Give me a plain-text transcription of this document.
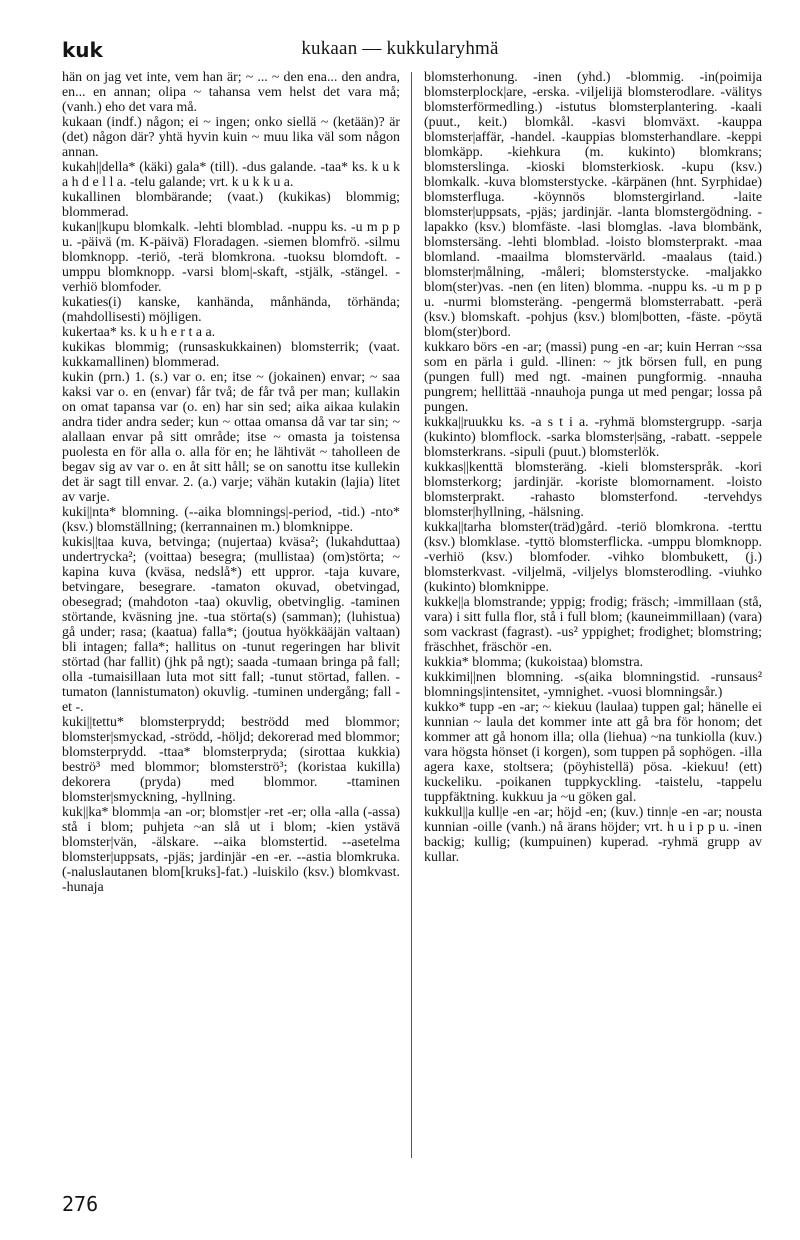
kuk	kukaan — kukkularyhmä

hän on jag vet inte, vem han är; ~ ... ~ den ena... den andra, en... en annan; olipa ~ tahansa vem helst det vara må; (vanh.) eho det vara må.

kukaan (indf.) någon; ei ~ ingen; onko siellä ~ (ketään)? är (det) någon där? yhtä hyvin kuin ~ muu lika väl som någon annan.

kukah||della* (käki) gala* (till). -dus galande. -taa* ks. k u k a h d e l l a. -telu galande; vrt. k u k k u a.

kukallinen blombärande; (vaat.) (kukikas) blommig; blommerad.

kukan||kupu blomkalk. -lehti blomblad. -nuppu ks. -u m p p u. -päivä (m. K-päivä) Floradagen. -siemen blomfrö. -silmu blomknopp. -teriö, -terä blomkrona. -tuoksu blomdoft. -umppu blomknopp. -varsi blom|-skaft, -stjälk, -stängel. -verhiö blomfoder.

kukaties(i) kanske, kanhända, månhända, törhända; (mahdollisesti) möjligen.

kukertaa* ks. k u h e r t a a.

kukikas blommig; (runsaskukkainen) blomsterrik; (vaat. kukkamallinen) blommerad.

kukin (prn.) 1. (s.) var o. en; itse ~ (jokainen) envar; ~ saa kaksi var o. en (envar) får två; de får två per man; kullakin on omat tapansa var (o. en) har sin sed; aika aikaa kulakin andra tider andra seder; kun ~ ottaa omansa då var tar sin; ~ alallaan envar på sitt område; itse ~ omasta ja toistensa puolesta en för alla o. alla för en; he lähtivät ~ taholleen de begav sig av var o. en åt sitt håll; se on sanottu itse kullekin det är sagt till envar. 2. (a.) varje; vähän kutakin (lajia) litet av varje.

kuki||nta* blomning. (--aika blomnings|-period, -tid.) -nto* (ksv.) blomställning; (kerrannainen m.) blomknippe.

kukis||taa kuva, betvinga; (nujertaa) kväsa²; (lukahduttaa) undertrycka²; (voittaa) besegra; (mullistaa) (om)störta; ~ kapina kuva (kväsa, nedslå*) ett uppror. -taja kuvare, betvingare, besegrare. -tamaton okuvad, obetvingad, obesegrad; (mahdoton -taa) okuvlig, obetvinglig. -taminen störtande, kväsning jne. -tua störta(s) (samman); (luhistua) gå under; rasa; (kaatua) falla*; (joutua hyökkääjän valtaan) bli intagen; falla*; hallitus on -tunut regeringen har blivit störtad (har fallit) (jhk på ngt); saada -tumaan bringa på fall; olla -tumaisillaan luta mot sitt fall; -tunut störtad, fallen. -tumaton (lannistumaton) okuvlig. -tuminen undergång; fall -et -.

kuki||tettu* blomsterprydd; beströdd med blommor; blomster|smyckad, -strödd, -höljd; dekorerad med blommor; blomsterprydd. -ttaa* blomsterpryda; (sirottaa kukkia) beströ³ med blommor; blomsterströ³; (koristaa kukilla) dekorera (pryda) med blommor. -ttaminen blomster|smyckning, -hyllning.

kuk||ka* blomm|a -an -or; blomst|er -ret -er; olla -alla (-assa) stå i blom; puhjeta ~an slå ut i blom; -kien ystävä blomster|vän, -älskare. --aika blomstertid. --asetelma blomster|uppsats, -pjäs; jardinjär -en -er. --astia blomkruka. (-naluslautanen blom[kruks]-fat.) -luiskilo (ksv.) blomkvast. -hunaja

blomsterhonung. -inen (yhd.) -blommig. -in(poimija blomsterplock|are, -erska. -viljelijä blomsterodlare. -välitys blomsterförmedling.) -istutus blomsterplantering. -kaali (puut., keit.) blomkål. -kasvi blomväxt. -kauppa blomster|affär, -handel. -kauppias blomsterhandlare. -keppi blomkäpp. -kiehkura (m. kukinto) blomkrans; blomsterslinga. -kioski blomsterkiosk. -kupu (ksv.) blomkalk. -kuva blomsterstycke. -kärpänen (hnt. Syrphidae) blomsterfluga. -köynnös blomstergirland. -laite blomster|uppsats, -pjäs; jardinjär. -lanta blomstergödning. -lapakko (ksv.) blomfäste. -lasi blomglas. -lava blombänk, blomstersäng. -lehti blomblad. -loisto blomsterprakt. -maa blomland. -maailma blomstervärld. -maalaus (taid.) blomster|målning, -måleri; blomsterstycke. -maljakko blom(ster)vas. -nen (en liten) blomma. -nuppu ks. -u m p p u. -nurmi blomsteräng. -pengermä blomsterrabatt. -perä (ksv.) blomskaft. -pohjus (ksv.) blom|botten, -fäste. -pöytä blom(ster)bord.

kukkaro börs -en -ar; (massi) pung -en -ar; kuin Herran ~ssa som en pärla i guld. -llinen: ~ jtk börsen full, en pung (pungen full) med ngt. -mainen pungformig. -nnauha pungrem; hellittää -nnauhoja punga ut med pengar; lossa på pungen.

kukka||ruukku ks. -a s t i a. -ryhmä blomstergrupp. -sarja (kukinto) blomflock. -sarka blomster|säng, -rabatt. -seppele blomsterkrans. -sipuli (puut.) blomsterlök.

kukkas||kenttä blomsteräng. -kieli blomsterspråk. -kori blomsterkorg; jardinjär. -koriste blomornament. -loisto blomsterprakt. -rahasto blomsterfond. -tervehdys blomster|hyllning, -hälsning.

kukka||tarha blomster(träd)gård. -teriö blomkrona. -terttu (ksv.) blomklase. -tyttö blomsterflicka. -umppu blomknopp. -verhiö (ksv.) blomfoder. -vihko blombukett, (j.) blomsterkvast. -viljelmä, -viljelys blomsterodling. -viuhko (kukinto) blomknippe.

kukke||a blomstrande; yppig; frodig; fräsch; -immillaan (stå, vara) i sitt fulla flor, stå i full blom; (kauneimmillaan) (vara) som vackrast (fagrast). -us² yppighet; frodighet; blomstring; fräschhet, fräschör -en.

kukkia* blomma; (kukoistaa) blomstra.

kukkimi||nen blomning. -s(aika blomningstid. -runsaus² blomnings|intensitet, -ymnighet. -vuosi blomningsår.)

kukko* tupp -en -ar; ~ kiekuu (laulaa) tuppen gal; hänelle ei kunnian ~ laula det kommer inte att gå bra för honom; det kommer att gå honom illa; olla (liehua) ~na tunkiolla (kuv.) vara högsta hönset (i korgen), som tuppen på sophögen. -illa agera kaxe, stoltsera; (pöyhistellä) pösa. -kiekuu! (ett) kuckeliku. -poikanen tuppkyckling. -taistelu, -tappelu tuppfäktning. kukkuu ja ~u göken gal.

kukkul||a kull|e -en -ar; höjd -en; (kuv.) tinn|e -en -ar; nousta kunnian -oille (vanh.) nå ärans höjder; vrt. h u i p p u. -inen backig; kullig; (kumpuinen) kuperad. -ryhmä grupp av kullar.

276
